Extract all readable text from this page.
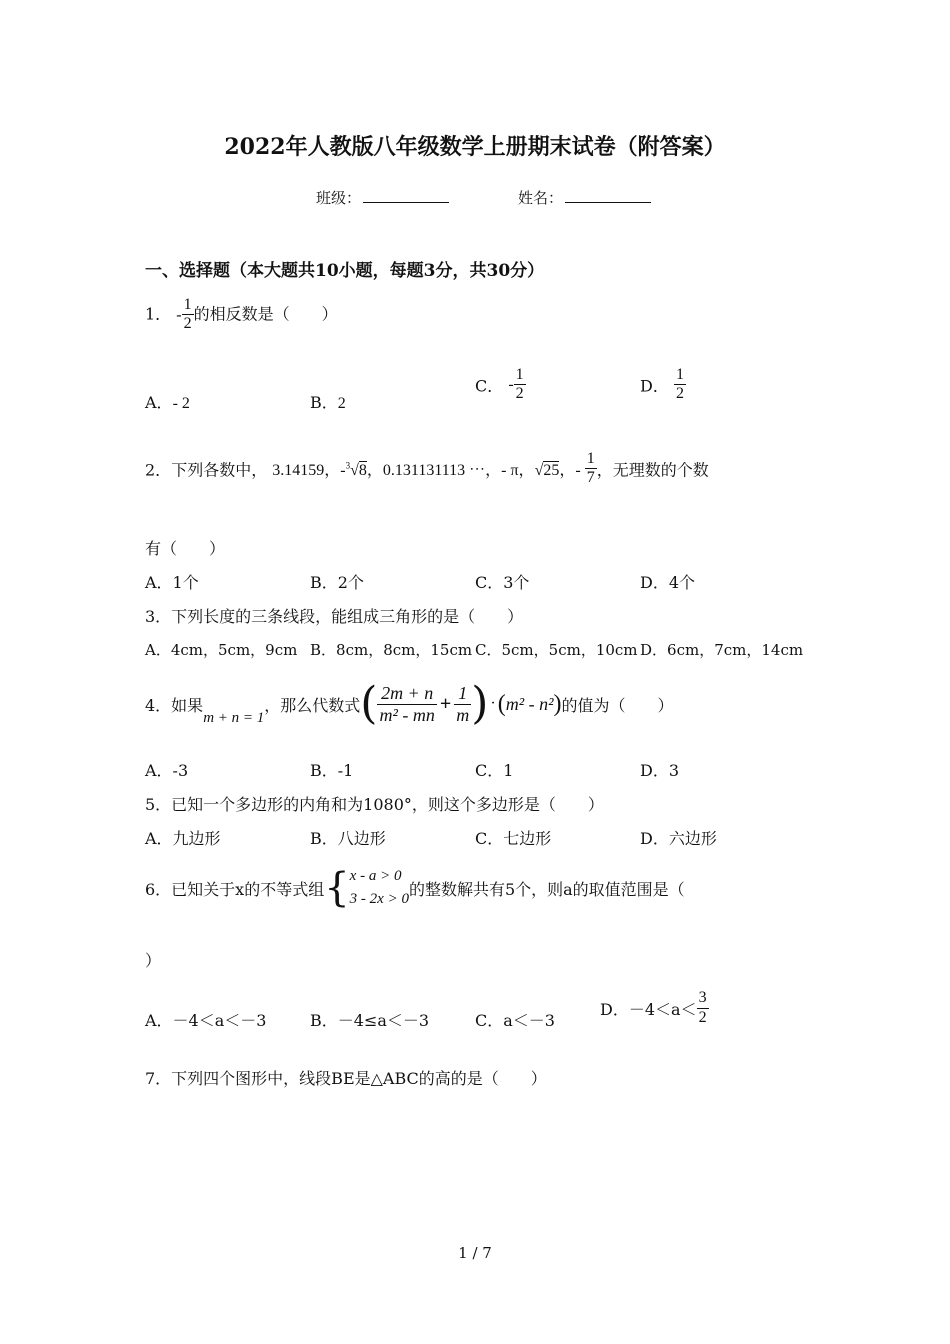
2022年人教版八年级数学上册期末试卷（附答案）
班级：	姓名：
一、选择题（本大题共10小题，每题3分，共30分）
1． - $\frac{1}{2}$ 的相反数是（　　）
A．- 2	B．2
C． - $\frac{1}{2}$	D． $\frac{1}{2}$
2．下列各数中， 3.14159，-$^3$√8，0.131131113 ⋯，- π，√25，- $\frac{1}{7}$ ，无理数的个数
有（　　）
A．1个	B．2个	C．3个	D．4个
3．下列长度的三条线段，能组成三角形的是（　　）
A．4cm，5cm，9cm B．8cm，8cm，15cm C．5cm，5cm，10cm D．6cm，7cm，14cm
4．如果
m + n = 1
，那么代数式 ( $\frac{2m + n}{\text{m² - mn}} + \frac{1}{m}$ ) · ( m² - n² ) 的值为（　　）
A．-3	B．-1	C．1	D．3
5．已知一个多边形的内角和为1080°，则这个多边形是（　　）
A．九边形	B．八边形	C．七边形	D．六边形
6．已知关于x的不等式组 { x - a > 0
3 - 2x > 0
的整数解共有5个，则a的取值范围是（
）
A．－4＜a＜－3	B．－4≤a＜－3	C．a＜－3
D．$-4<a< \frac{3}{2}$
7．下列四个图形中，线段BE是△ABC的高的是（　　）
1 / 7
